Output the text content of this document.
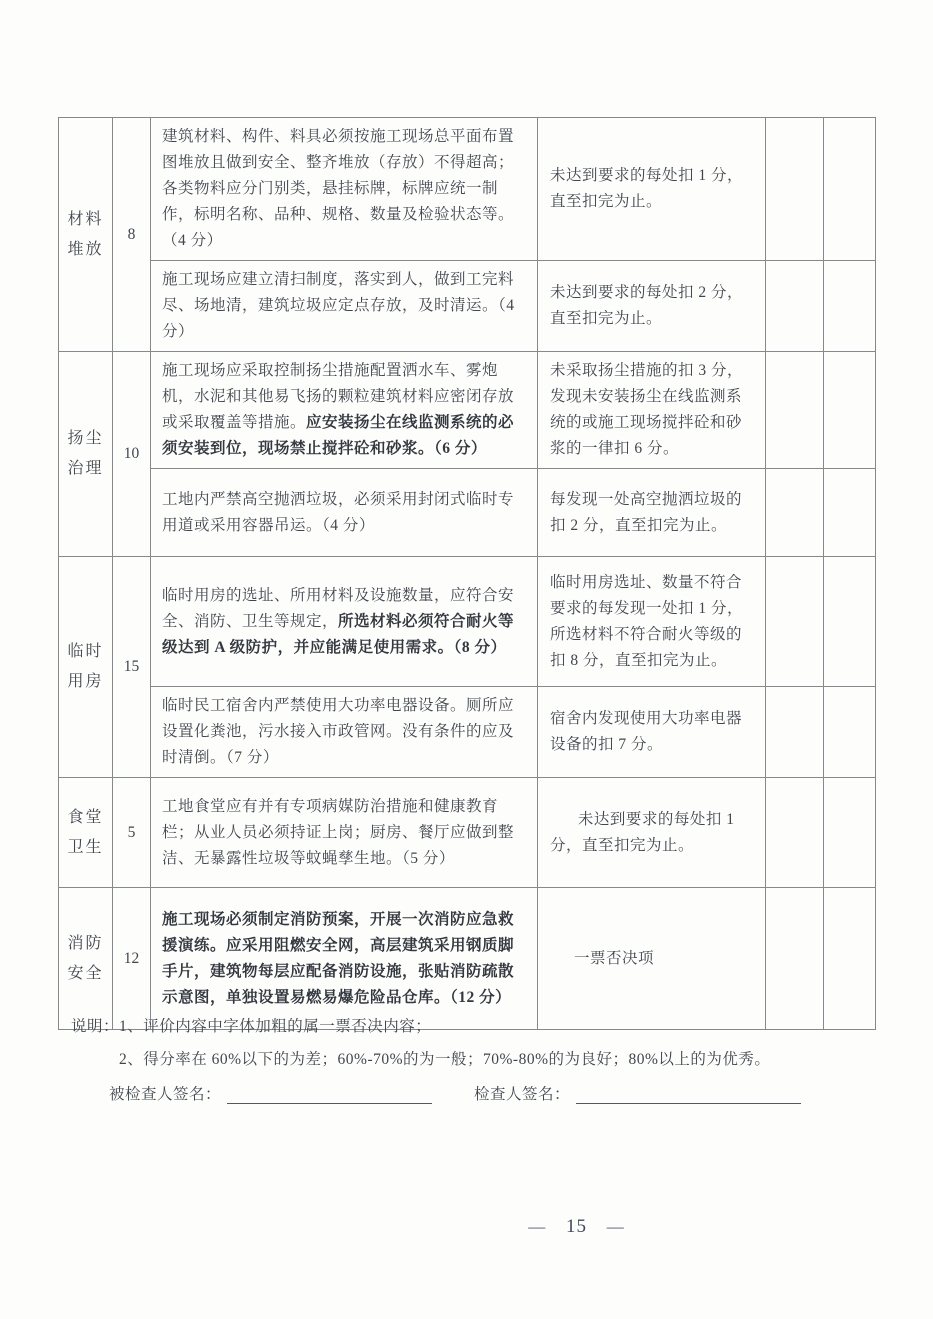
材料堆放	8	建筑材料、构件、料具必须按施工现场总平面布置图堆放且做到安全、整齐堆放（存放）不得超高；各类物料应分门别类，悬挂标牌，标牌应统一制作，标明名称、品种、规格、数量及检验状态等。（4 分）	未达到要求的每处扣 1 分，直至扣完为止。		
		施工现场应建立清扫制度，落实到人，做到工完料尽、场地清，建筑垃圾应定点存放，及时清运。（4 分）	未达到要求的每处扣 2 分，直至扣完为止。		
扬尘治理	10	施工现场应采取控制扬尘措施配置洒水车、雾炮机，水泥和其他易飞扬的颗粒建筑材料应密闭存放或采取覆盖等措施。应安装扬尘在线监测系统的必须安装到位，现场禁止搅拌砼和砂浆。（6 分）	未采取扬尘措施的扣 3 分，发现未安装扬尘在线监测系统的或施工现场搅拌砼和砂浆的一律扣 6 分。		
		工地内严禁高空抛洒垃圾，必须采用封闭式临时专用道或采用容器吊运。（4 分）	每发现一处高空抛洒垃圾的扣 2 分，直至扣完为止。		
临时用房	15	临时用房的选址、所用材料及设施数量，应符合安全、消防、卫生等规定，所选材料必须符合耐火等级达到 A 级防护，并应能满足使用需求。（8 分）	临时用房选址、数量不符合要求的每发现一处扣 1 分，所选材料不符合耐火等级的扣 8 分，直至扣完为止。		
		临时民工宿舍内严禁使用大功率电器设备。厕所应设置化粪池，污水接入市政管网。没有条件的应及时清倒。（7 分）	宿舍内发现使用大功率电器设备的扣 7 分。		
食堂卫生	5	工地食堂应有并有专项病媒防治措施和健康教育栏；从业人员必须持证上岗；厨房、餐厅应做到整洁、无暴露性垃圾等蚊蝇孳生地。（5 分）	未达到要求的每处扣 1 分，直至扣完为止。		
消防安全	12	施工现场必须制定消防预案，开展一次消防应急救援演练。应采用阻燃安全网，高层建筑采用钢质脚手片，建筑物每层应配备消防设施，张贴消防疏散示意图，单独设置易燃易爆危险品仓库。（12 分）	一票否决项		
说明： 1、评价内容中字体加粗的属一票否决内容；
2、得分率在 60%以下的为差；60%-70%的为一般；70%-80%的为良好；80%以上的为优秀。
被检查人签名：	检查人签名：
— 15 —
